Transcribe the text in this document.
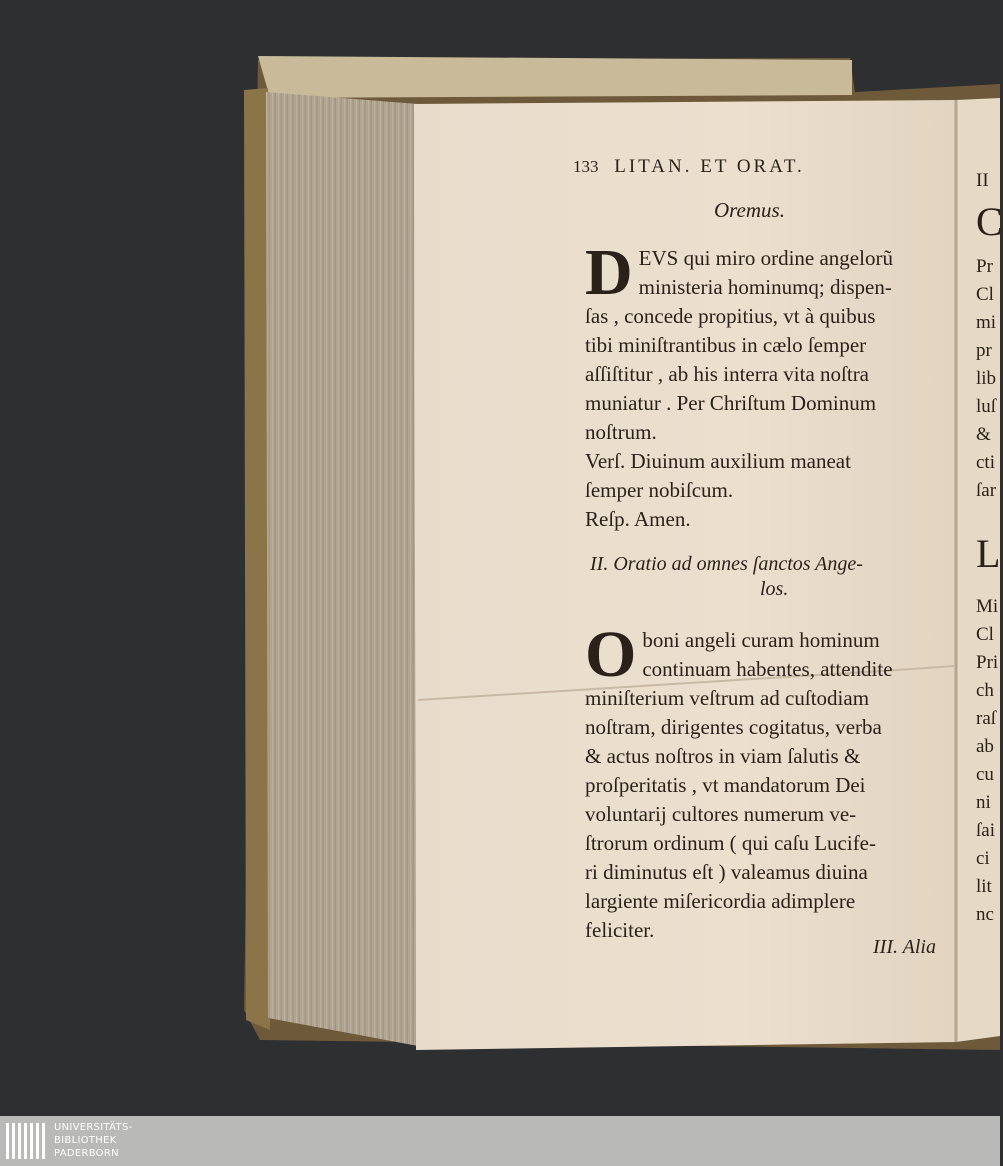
133 LITAN. ET ORAT.
Oremus.
D EVS qui miro ordine angelorũ
ministeria hominumq; dispen-
ſas , concede propitius, vt à quibus
tibi miniſtrantibus in cælo ſemper
aſſiſtitur , ab his interra vita noſtra
muniatur . Per Chriſtum Dominum
noſtrum.
Verſ. Diuinum auxilium maneat
ſemper nobiſcum.
Reſp. Amen.
II. Oratio ad omnes ſanctos Ange-
los.
O boni angeli curam hominum
continuam habentes, attendite
miniſterium veſtrum ad cuſtodiam
noſtram, dirigentes cogitatus, verba
& actus noſtros in viam ſalutis &
proſperitatis , vt mandatorum Dei
voluntarij cultores numerum ve-
ſtrorum ordinum ( qui caſu Lucife-
ri diminutus eſt ) valeamus diuina
largiente miſericordia adimplere
feliciter.
III. Alia
II
C
Pr
Cl
mi
pr
lib
luſ
&
cti
ſar
L
Mi
Cl
Pri
ch
raſ
ab
cu
ni
ſai
ci
lit
nc
UNIVERSITÄTS-
BIBLIOTHEK
PADERBORN
